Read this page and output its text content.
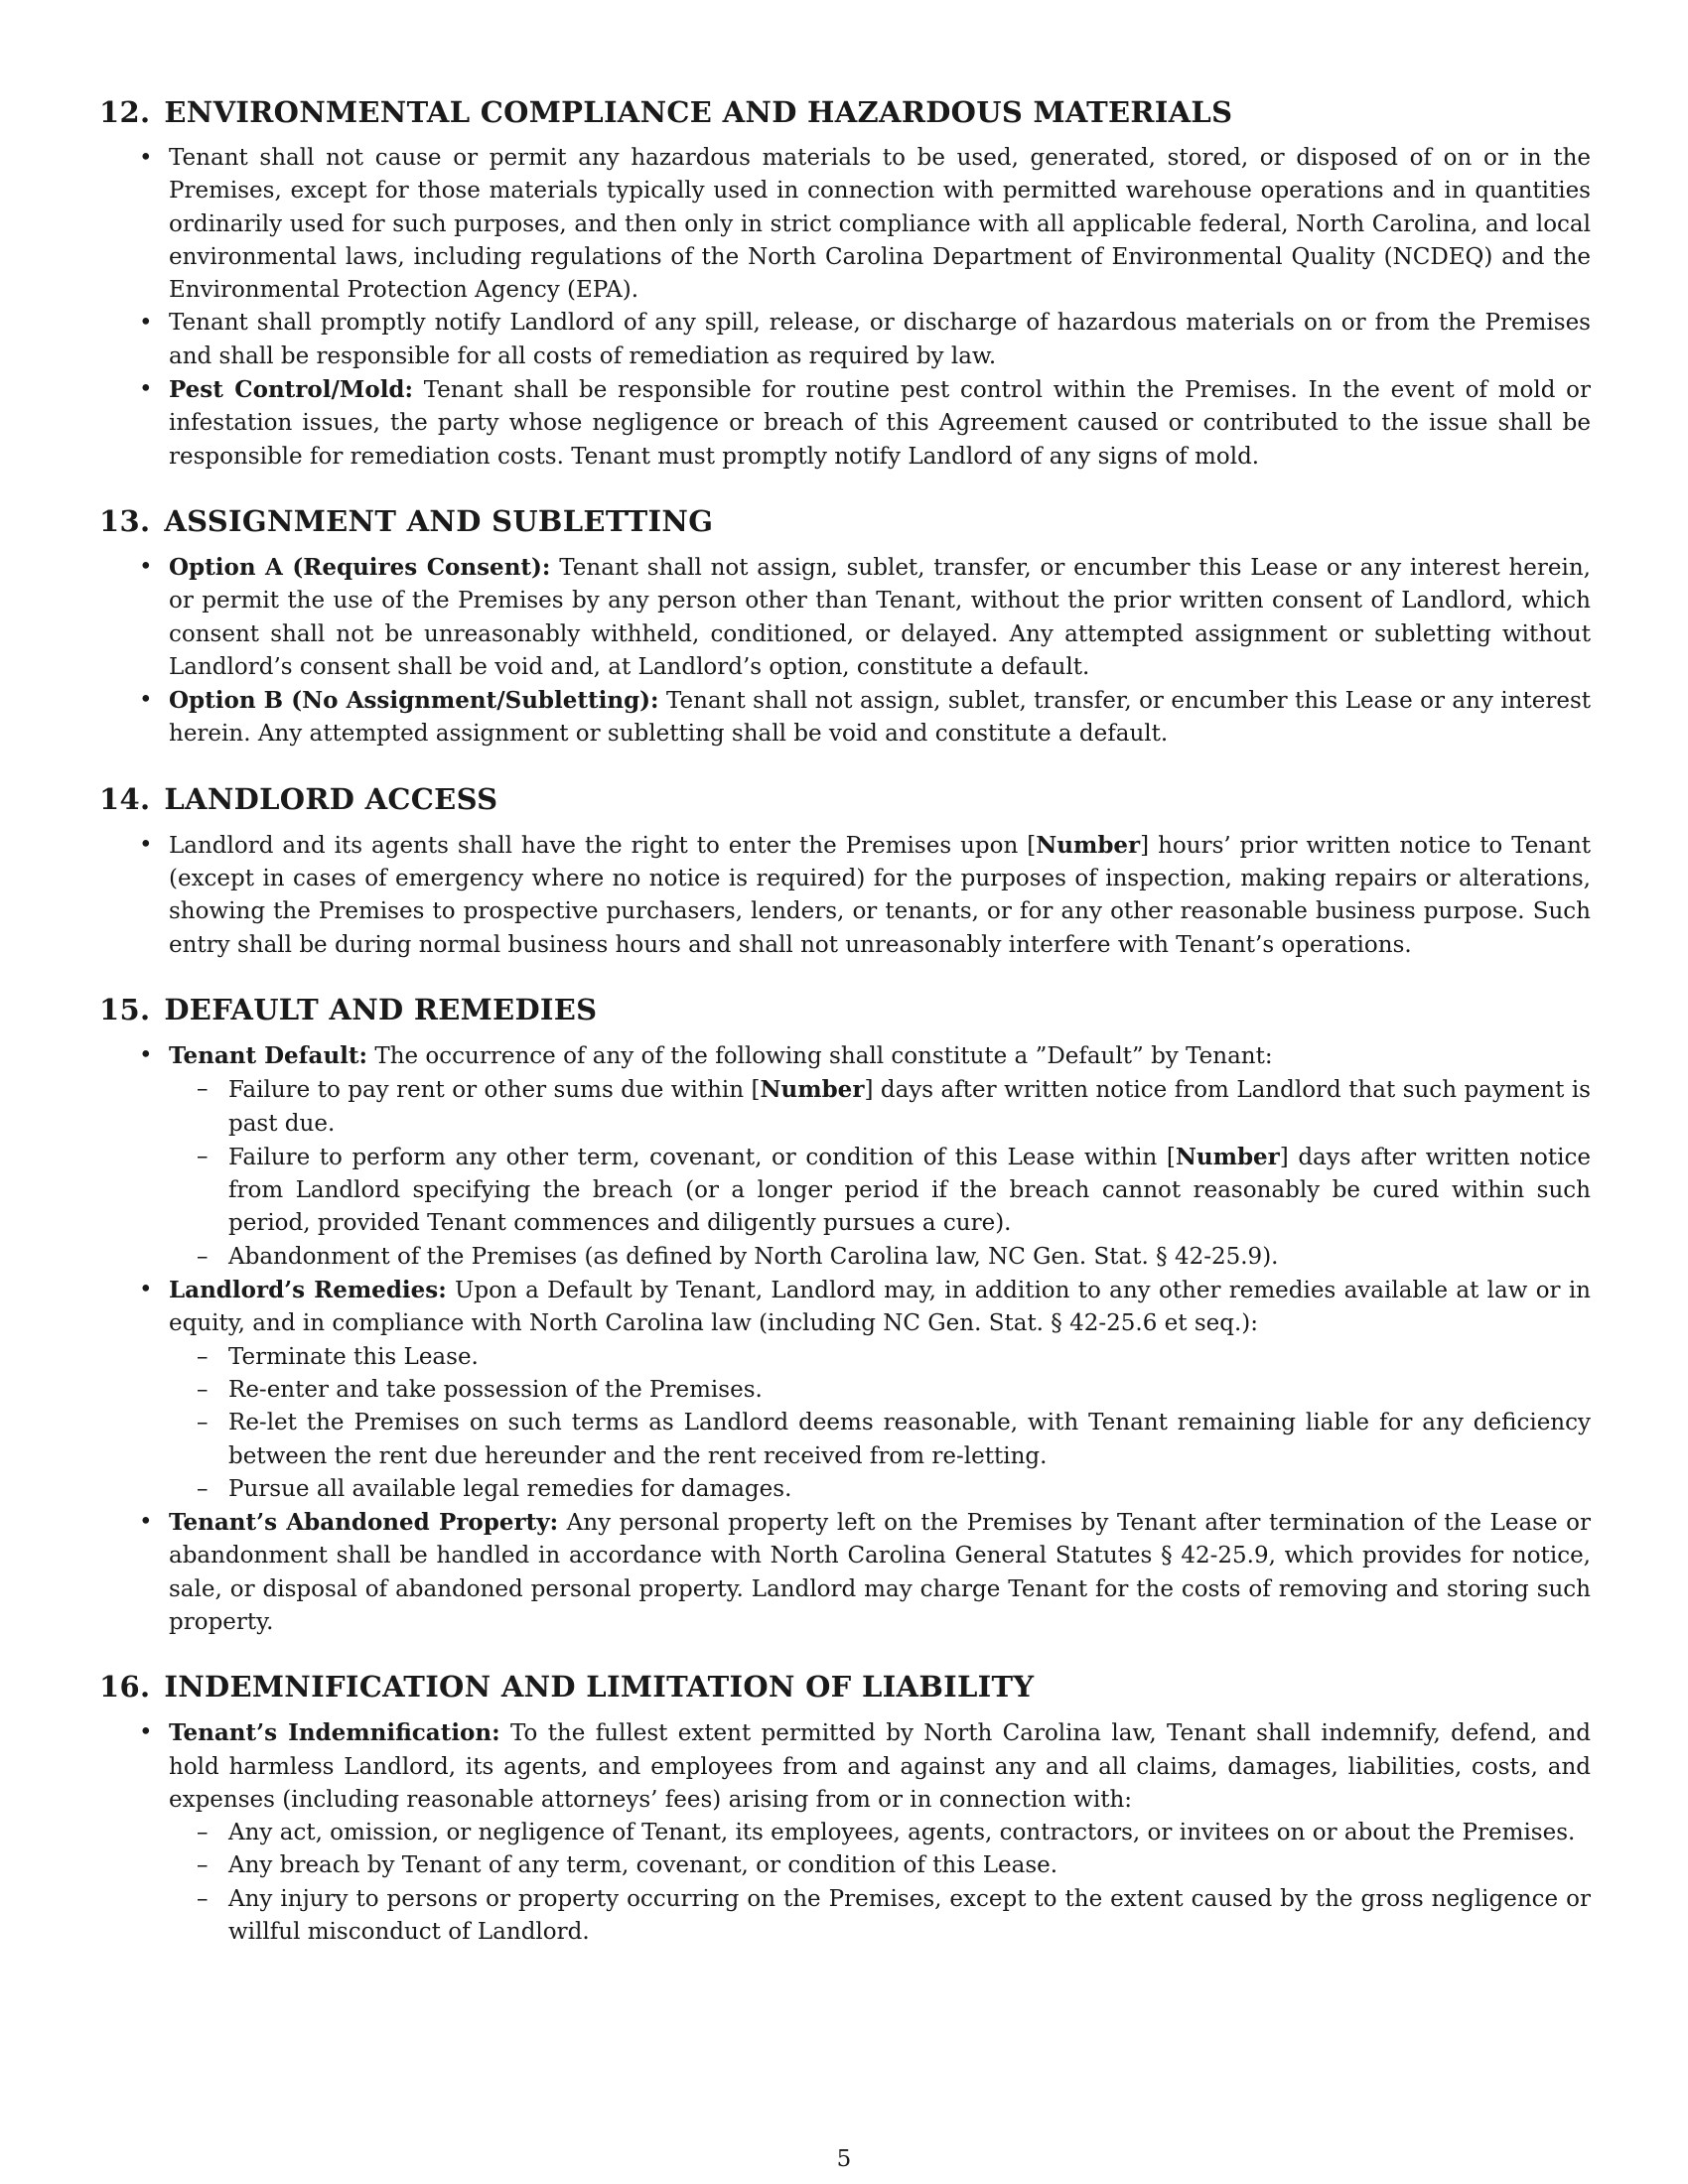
12. ENVIRONMENTAL COMPLIANCE AND HAZARDOUS MATERIALS
• Tenant shall not cause or permit any hazardous materials to be used, generated, stored, or disposed of on or in the Premises, except for those materials typically used in connection with permitted warehouse operations and in quantities ordinarily used for such purposes, and then only in strict compliance with all applicable federal, North Carolina, and local environmental laws, including regulations of the North Carolina Department of Environmental Quality (NCDEQ) and the Environmental Protection Agency (EPA).
• Tenant shall promptly notify Landlord of any spill, release, or discharge of hazardous materials on or from the Premises and shall be responsible for all costs of remediation as required by law.
• Pest Control/Mold: Tenant shall be responsible for routine pest control within the Premises. In the event of mold or infestation issues, the party whose negligence or breach of this Agreement caused or contributed to the issue shall be responsible for remediation costs. Tenant must promptly notify Landlord of any signs of mold.
13. ASSIGNMENT AND SUBLETTING
• Option A (Requires Consent): Tenant shall not assign, sublet, transfer, or encumber this Lease or any interest herein, or permit the use of the Premises by any person other than Tenant, without the prior written consent of Landlord, which consent shall not be unreasonably withheld, conditioned, or delayed. Any attempted assignment or subletting without Landlord’s consent shall be void and, at Landlord’s option, constitute a default.
• Option B (No Assignment/Subletting): Tenant shall not assign, sublet, transfer, or encumber this Lease or any interest herein. Any attempted assignment or subletting shall be void and constitute a default.
14. LANDLORD ACCESS
• Landlord and its agents shall have the right to enter the Premises upon [Number] hours’ prior written notice to Tenant (except in cases of emergency where no notice is required) for the purposes of inspection, making repairs or alterations, showing the Premises to prospective purchasers, lenders, or tenants, or for any other reasonable business purpose. Such entry shall be during normal business hours and shall not unreasonably interfere with Tenant’s operations.
15. DEFAULT AND REMEDIES
• Tenant Default: The occurrence of any of the following shall constitute a ”Default” by Tenant:
– Failure to pay rent or other sums due within [Number] days after written notice from Landlord that such payment is past due.
– Failure to perform any other term, covenant, or condition of this Lease within [Number] days after written notice from Landlord specifying the breach (or a longer period if the breach cannot reasonably be cured within such period, provided Tenant commences and diligently pursues a cure).
– Abandonment of the Premises (as defined by North Carolina law, NC Gen. Stat. § 42-25.9).
• Landlord’s Remedies: Upon a Default by Tenant, Landlord may, in addition to any other remedies available at law or in equity, and in compliance with North Carolina law (including NC Gen. Stat. § 42-25.6 et seq.):
– Terminate this Lease.
– Re-enter and take possession of the Premises.
– Re-let the Premises on such terms as Landlord deems reasonable, with Tenant remaining liable for any deficiency between the rent due hereunder and the rent received from re-letting.
– Pursue all available legal remedies for damages.
• Tenant’s Abandoned Property: Any personal property left on the Premises by Tenant after termination of the Lease or abandonment shall be handled in accordance with North Carolina General Statutes § 42-25.9, which provides for notice, sale, or disposal of abandoned personal property. Landlord may charge Tenant for the costs of removing and storing such property.
16. INDEMNIFICATION AND LIMITATION OF LIABILITY
• Tenant’s Indemnification: To the fullest extent permitted by North Carolina law, Tenant shall indemnify, defend, and hold harmless Landlord, its agents, and employees from and against any and all claims, damages, liabilities, costs, and expenses (including reasonable attorneys’ fees) arising from or in connection with:
– Any act, omission, or negligence of Tenant, its employees, agents, contractors, or invitees on or about the Premises.
– Any breach by Tenant of any term, covenant, or condition of this Lease.
– Any injury to persons or property occurring on the Premises, except to the extent caused by the gross negligence or willful misconduct of Landlord.
5
